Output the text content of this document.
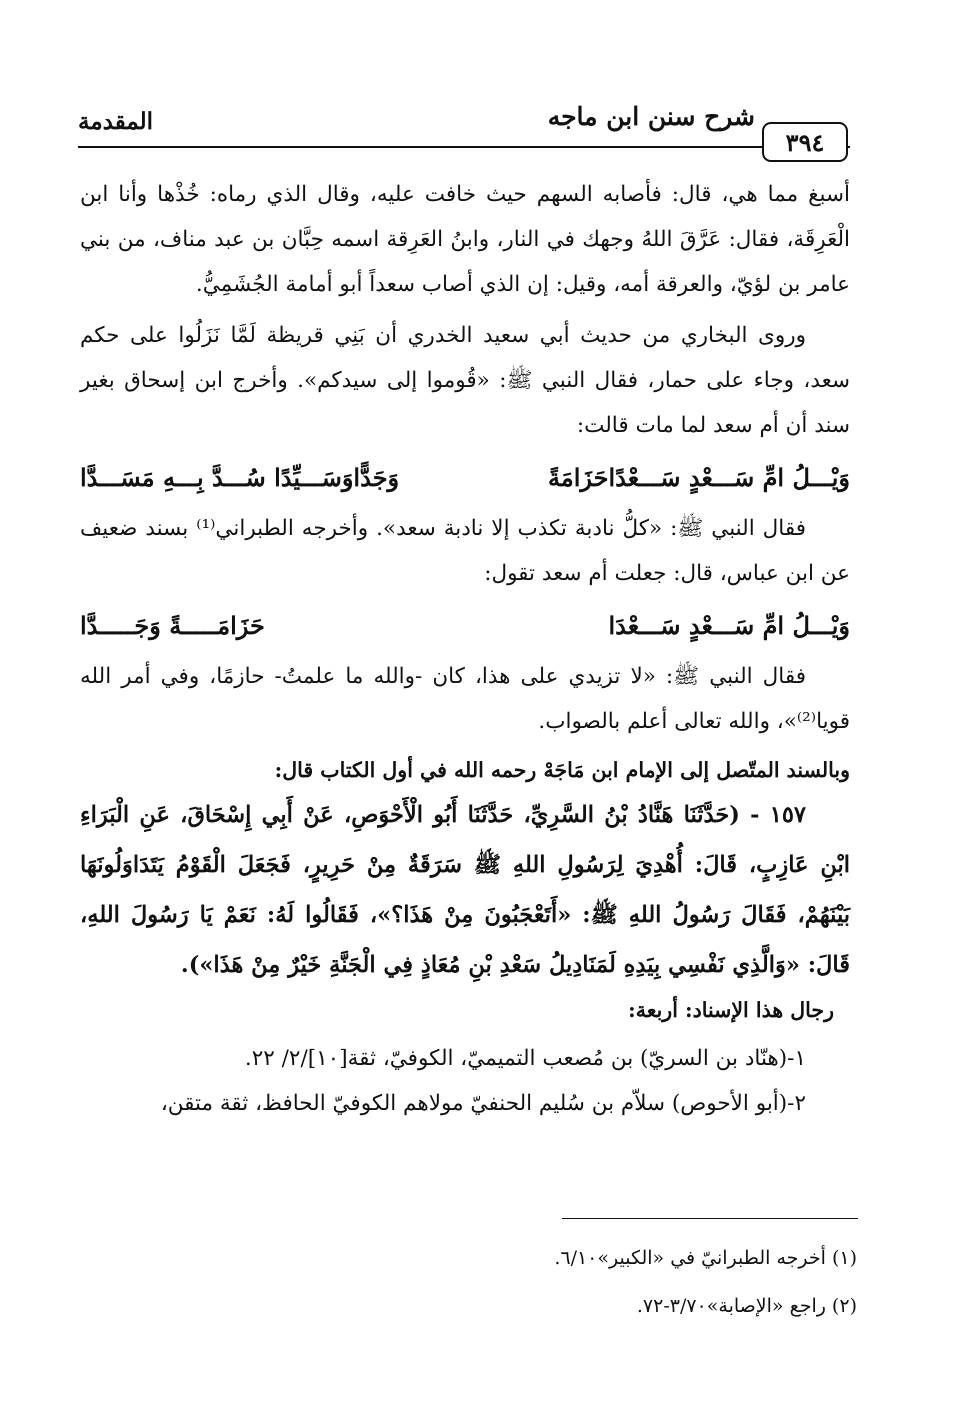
٣٩٤
شرح سنن ابن ماجه
المقدمة

أسبغ مما هي، قال: فأصابه السهم حيث خافت عليه، وقال الذي رماه: خُذْها وأنا ابن الْعَرِقَة، فقال: عَرَّقَ اللهُ وجهك في النار، وابنُ العَرِقة اسمه حِبَّان بن عبد مناف، من بني عامر بن لؤيّ، والعرقة أمه، وقيل: إن الذي أصاب سعداً أبو أمامة الجُشَمِيُّ.

وروى البخاري من حديث أبي سعيد الخدري أن بَنِي قريظة لَمَّا نَزَلُوا على حكم سعد، وجاء على حمار، فقال النبي ﷺ: «قُوموا إلى سيدكم». وأخرج ابن إسحاق بغير سند أن أم سعد لما مات قالت:

وَيْـــلُ امِّ سَـــعْدٍ سَـــعْدًاحَزَامَةً
وَجَدًّاوَسَـــيِّدًا سُـــدَّ بِـــهِ مَسَـــدَّا

فقال النبي ﷺ: «كلُّ نادبة تكذب إلا نادبة سعد». وأخرجه الطبراني⁽¹⁾ بسند ضعيف عن ابن عباس، قال: جعلت أم سعد تقول:

وَيْـــلُ امِّ سَـــعْدٍ سَـــعْدَا
حَزَامَـــــةً وَجَـــــدَّا

فقال النبي ﷺ: «لا تزيدي على هذا، كان -والله ما علمتُ- حازمًا، وفي أمر الله قويا⁽²⁾»، والله تعالى أعلم بالصواب.

وبالسند المتّصل إلى الإمام ابن مَاجَهْ رحمه الله في أول الكتاب قال:

١٥٧ - (حَدَّثَنَا هَنَّادُ بْنُ السَّرِيِّ، حَدَّثَنَا أَبُو الْأَحْوَصِ، عَنْ أَبِي إِسْحَاقَ، عَنِ الْبَرَاءِ ابْنِ عَازِبٍ، قَالَ: أُهْدِيَ لِرَسُولِ اللهِ ﷺ سَرَقَةٌ مِنْ حَرِيرٍ، فَجَعَلَ الْقَوْمُ يَتَدَاوَلُونَهَا بَيْنَهُمْ، فَقَالَ رَسُولُ اللهِ ﷺ: «أَتَعْجَبُونَ مِنْ هَذَا؟»، فَقَالُوا لَهُ: نَعَمْ يَا رَسُولَ اللهِ، قَالَ: «وَالَّذِي نَفْسِي بِيَدِهِ لَمَنَادِيلُ سَعْدِ بْنِ مُعَاذٍ فِي الْجَنَّةِ خَيْرٌ مِنْ هَذَا»).

رجال هذا الإسناد: أربعة:

١-(هنّاد بن السريّ) بن مُصعب التميميّ، الكوفيّ، ثقة[١٠]/٢/ ٢٢.

٢-(أبو الأحوص) سلاّم بن سُليم الحنفيّ مولاهم الكوفيّ الحافظ، ثقة متقن،

(١) أخرجه الطبرانيّ في «الكبير»٦/١٠.

(٢) راجع «الإصابة»٣/٧٠-٧٢.
